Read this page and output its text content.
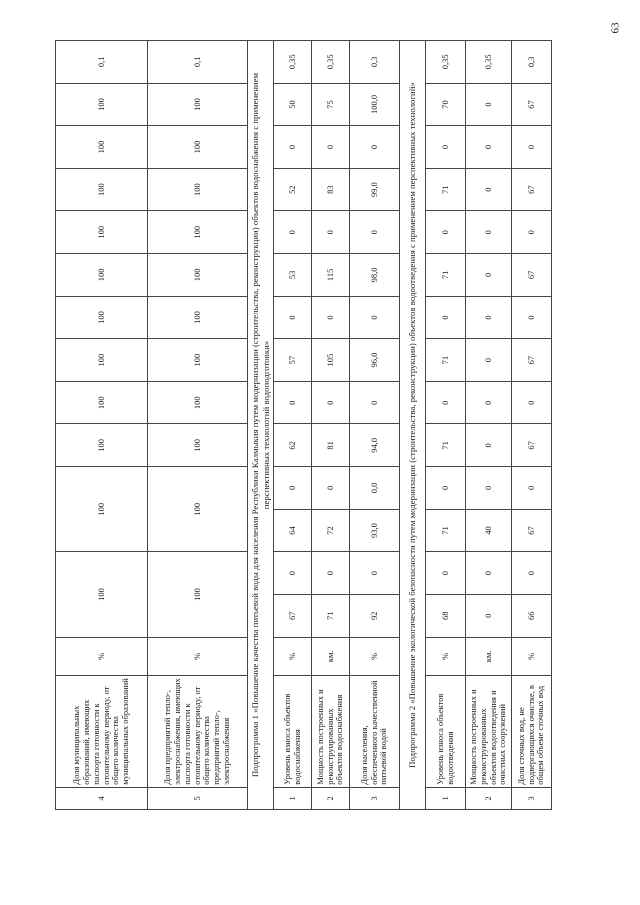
63
4	Доля муниципальных образований, имеющих паспорта готовности к отопительному периоду, от общего количества муниципальных образований	%	100		100		100	100	100	100	100	100	100	100	100	0,1
5	Доля предприятий тепло-, электроснабжения, имеющих паспорта готовности к отопительному периоду, от общего количества предприятий тепло-, электроснабжения	%	100		100		100	100	100	100	100	100	100	100	100	0,1
Подпрограмма 1 «Повышение качества питьевой воды для населения Республики Калмыкия путем модернизации (строительства, реконструкции) объектов водоснабжения с применением перспективных технологий водоподготовки»																
1	Уровень износа объектов водоснабжения	%	67	0	64	0	62	0	57	0	53	0	52	0	50	0,35
2	Мощность построенных и реконструированных объектов водоснабжения	км.	71	0	72	0	81	0	105	0	115	0	83	0	75	0,35
3	Доля населения, обеспеченного качественной питьевой водой	%	92	0	93,0	0,0	94,0	0	96,0	0	98,0	0	99,0	0	100,0	0,3
Подпрограмма 2 «Повышение экологической безопасности путем модернизации (строительства, реконструкции) объектов водоотведения с применением перспективных технологий»																
1	Уровень износа объектов водоотведения	%	68	0	71	0	71	0	71	0	71	0	71	0	70	0,35
2	Мощность построенных и реконструированных объектов водоотведения и очистных сооружений	км.	0	0	40	0	0	0	0	0	0	0	0	0	0	0,35
3	Доля сточных вод, не подвергающихся очистке, в общем объеме сточных вод	%	66	0	67	0	67	0	67	0	67	0	67	0	67	0,3
